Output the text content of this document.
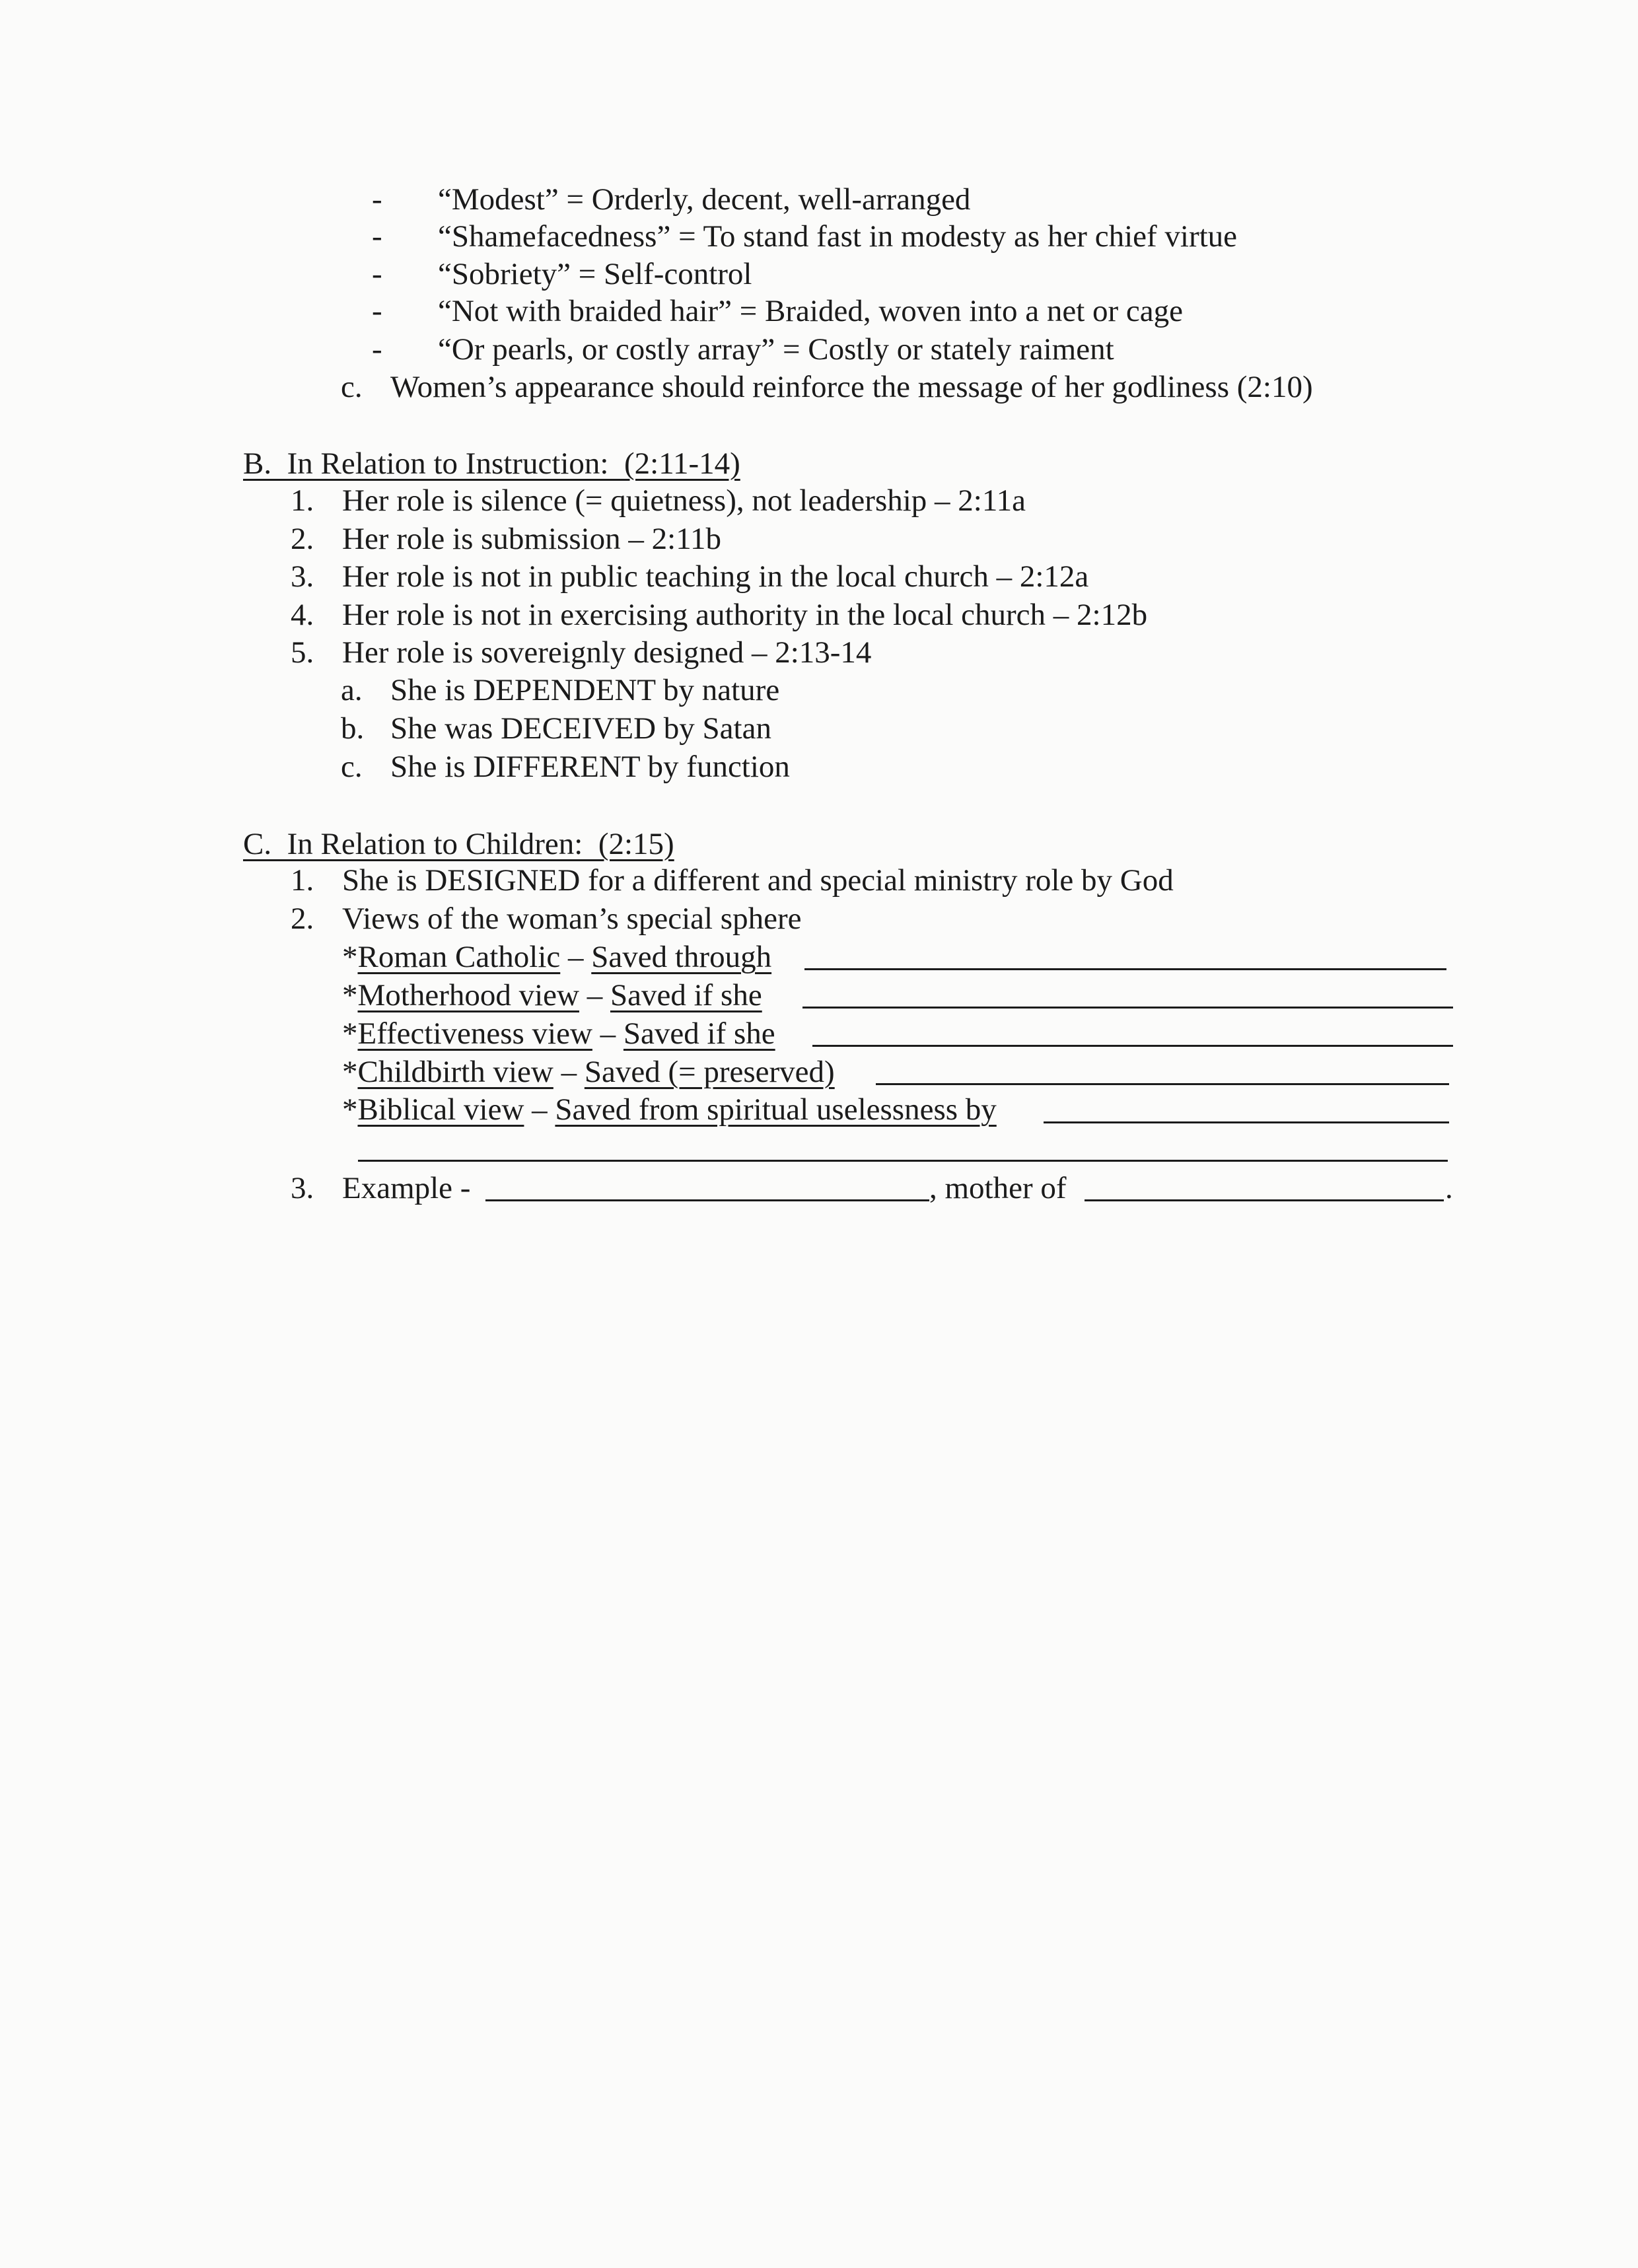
- “Modest” = Orderly, decent, well-arranged
- “Shamefacedness” = To stand fast in modesty as her chief virtue
- “Sobriety” = Self-control
- “Not with braided hair” = Braided, woven into a net or cage
- “Or pearls, or costly array” = Costly or stately raiment
c. Women’s appearance should reinforce the message of her godliness (2:10)
B.  In Relation to Instruction:  (2:11-14)
1. Her role is silence (= quietness), not leadership – 2:11a
2. Her role is submission – 2:11b
3. Her role is not in public teaching in the local church – 2:12a
4. Her role is not in exercising authority in the local church – 2:12b
5. Her role is sovereignly designed – 2:13-14
a. She is DEPENDENT by nature
b. She was DECEIVED by Satan
c. She is DIFFERENT by function
C.  In Relation to Children:  (2:15)
1. She is DESIGNED for a different and special ministry role by God
2. Views of the woman’s special sphere
*Roman Catholic – Saved through
*Motherhood view – Saved if she
*Effectiveness view – Saved if she
*Childbirth view – Saved (= preserved)
*Biblical view – Saved from spiritual uselessness by
3. Example -	, mother of	.
